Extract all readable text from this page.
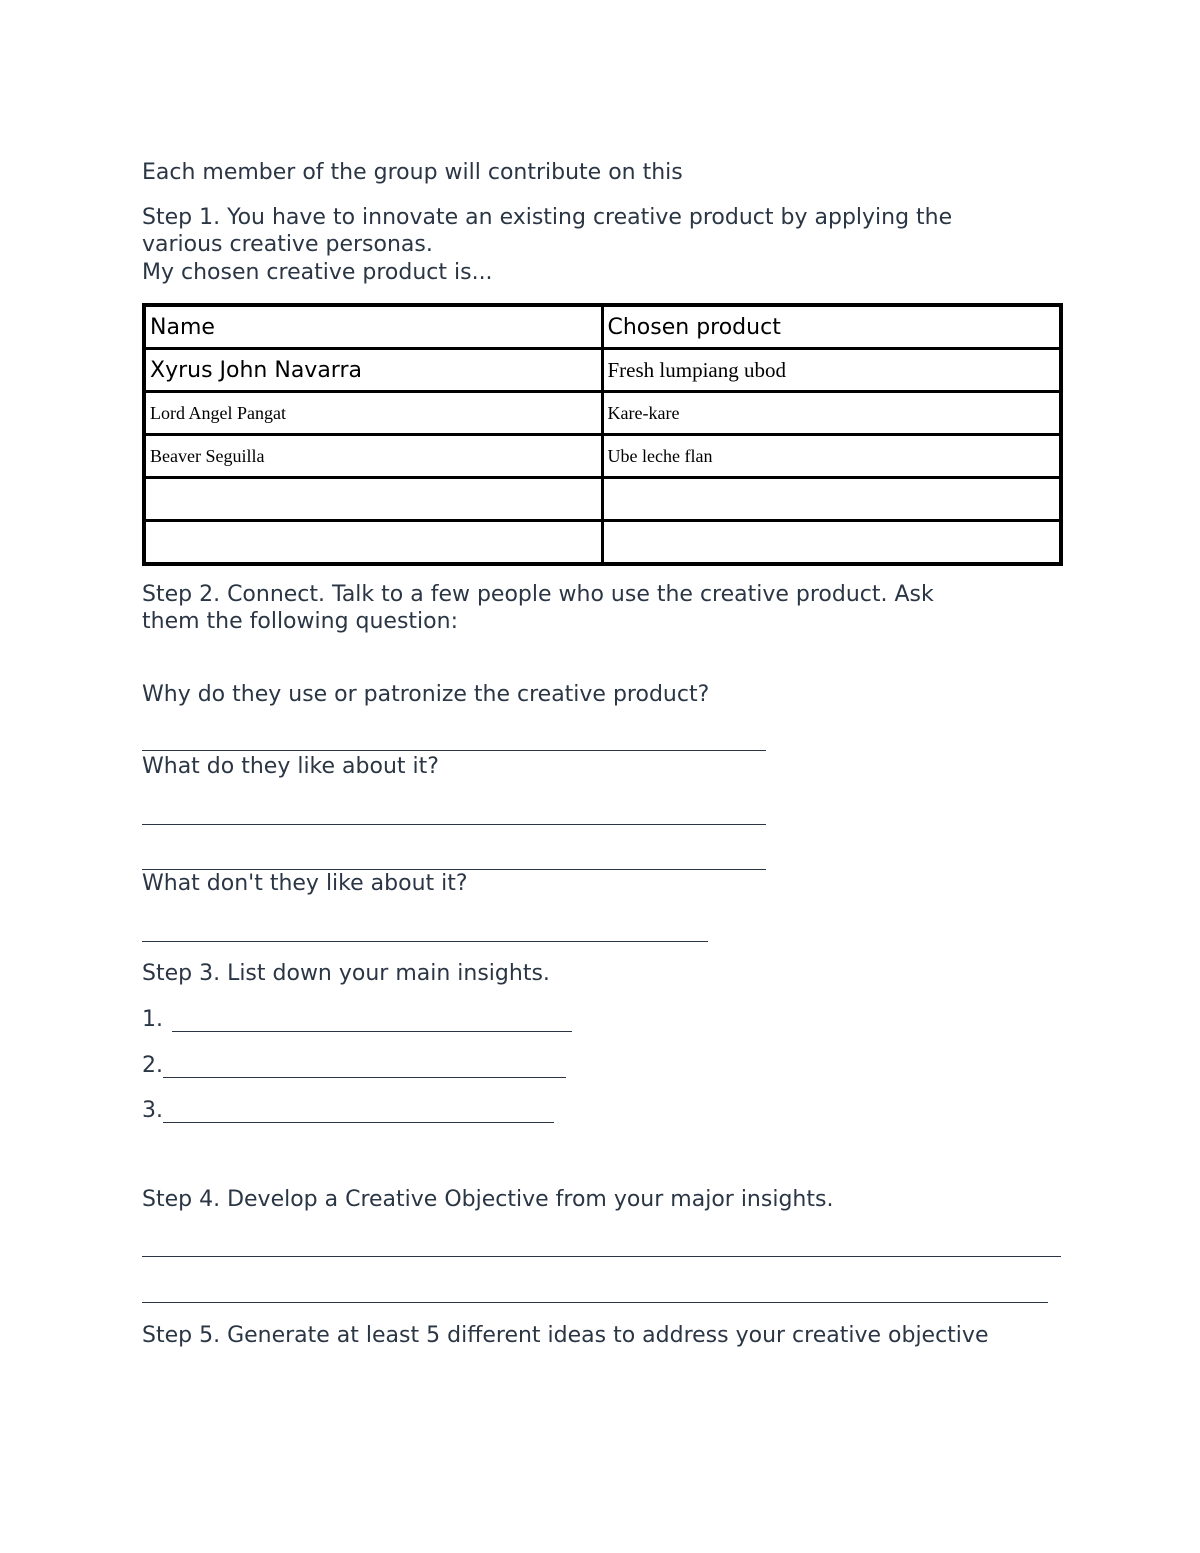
Each member of the group will contribute on this

Step 1. You have to innovate an existing creative product by applying the

various creative personas.

My chosen creative product is...

Name	Chosen product
Xyrus John Navarra	Fresh lumpiang ubod
Lord Angel Pangat	Kare-kare
Beaver Seguilla	Ube leche flan

Step 2. Connect. Talk to a few people who use the creative product. Ask

them the following question:

Why do they use or patronize the creative product?

What do they like about it?

What don't they like about it?

Step 3. List down your main insights.

1.
2.
3.

Step 4. Develop a Creative Objective from your major insights.

Step 5. Generate at least 5 different ideas to address your creative objective
